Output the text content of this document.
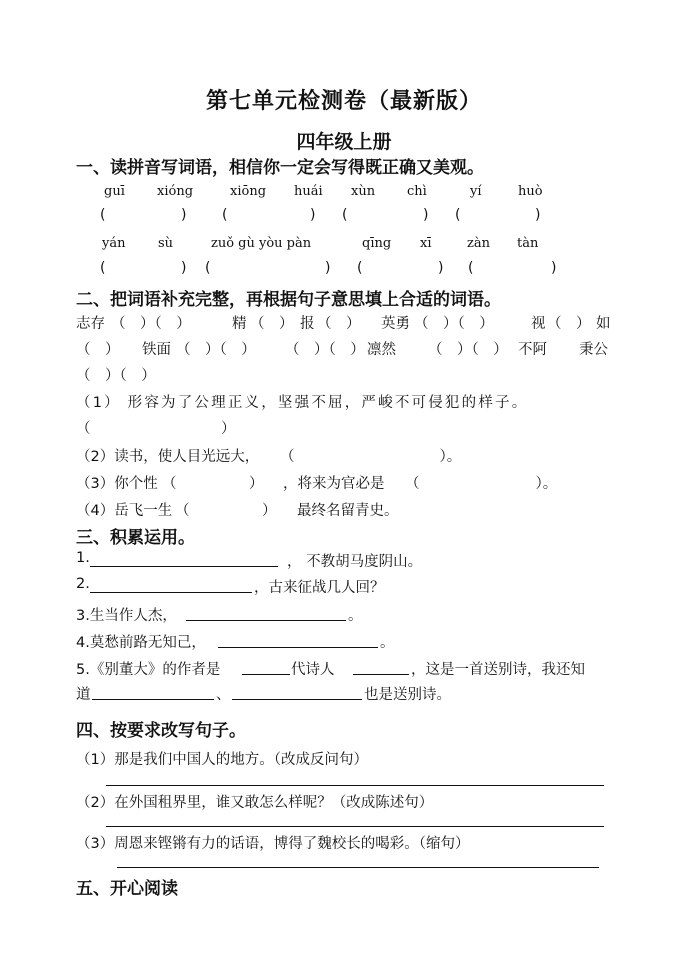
第七单元检测卷（最新版）
四年级上册
一、读拼音写词语，相信你一定会写得既正确又美观。
guī xióng	xiōng huái xùn chì	yí	huò
(	)	(	) (	) (	)
yán	sù	zuǒ gù yòu pàn	qīng xī	zàn tàn
(	) (	) (	) (	)
二、把词语补充完整，再根据句子意思填上合适的词语。
志存 （　）（　）	精 （　） 报 （　） 英勇 （　）（　）	视 （　） 如
（　） 铁面 （　）（　） （　）（　） 凛然 （　）（　） 不阿 秉公
（　）（　）
（1） 形容为了公理正义，坚强不屈，严峻不可侵犯的样子。
（　　　　　　　　　）
（2）读书，使人目光远大， （　　　　　　　　　　）。
（3）你个性 （　　　　　） ，将来为官必是 （　　　　　　　　）。
（4）岳飞一生 （　　　　　） 最终名留青史。
三、积累运用。
1.	， 不教胡马度阴山。
2.	，古来征战几人回？
3.生当作人杰，	。
4.莫愁前路无知己，	。
5.《别董大》的作者是	代诗人	，这是一首送别诗，我还知
道	、	也是送别诗。
四、按要求改写句子。
（1）那是我们中国人的地方。（改成反问句）
（2）在外国租界里，谁又敢怎么样呢？（改成陈述句）
（3）周恩来铿锵有力的话语，博得了魏校长的喝彩。（缩句）
五、开心阅读
